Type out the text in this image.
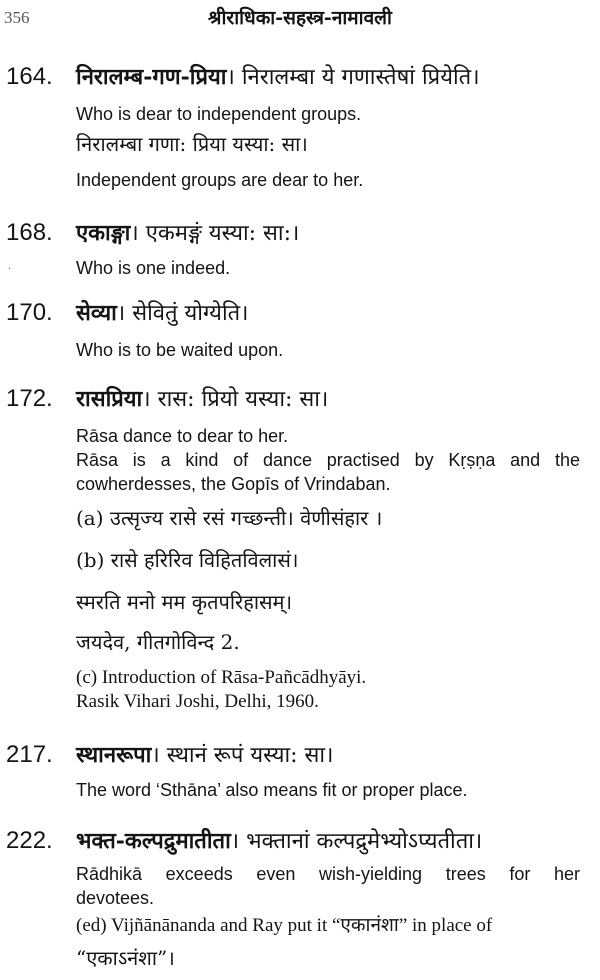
356	श्रीराधिका-सहस्त्र-नामावली
·
164. निरालम्ब-गण-प्रिया। निरालम्बा ये गणास्तेषां प्रियेति।
Who is dear to independent groups.
निरालम्बा गणा: प्रिया यस्या: सा।
Independent groups are dear to her.
168. एकाङ्गा। एकमङ्गं यस्या: सा:।
Who is one indeed.
170. सेव्या। सेवितुं योग्येति।
Who is to be waited upon.
172. रासप्रिया। रास: प्रियो यस्या: सा।
Rāsa dance to dear to her.
Rāsa is a kind of dance practised by Kṛṣṇa and the
cowherdesses, the Gopīs of Vrindaban.
(a) उत्सृज्य रासे रसं गच्छन्ती। वेणीसंहार ।
(b) रासे हरिरिव विहितविलासं।
स्मरति मनो मम कृतपरिहासम्।
जयदेव, गीतगोविन्द 2.
(c) Introduction of Rāsa-Pañcādhyāyi.
Rasik Vihari Joshi, Delhi, 1960.
217. स्थानरूपा। स्थानं रूपं यस्या: सा।
The word ‘Sthāna’ also means fit or proper place.
222. भक्त-कल्पद्रुमातीता। भक्तानां कल्पद्रुमेभ्योऽप्यतीता।
Rādhikā exceeds even wish-yielding trees for her
devotees.
(ed) Vijñānānanda and Ray put it “एकानंशा” in place of
“एकाऽनंशा”।
